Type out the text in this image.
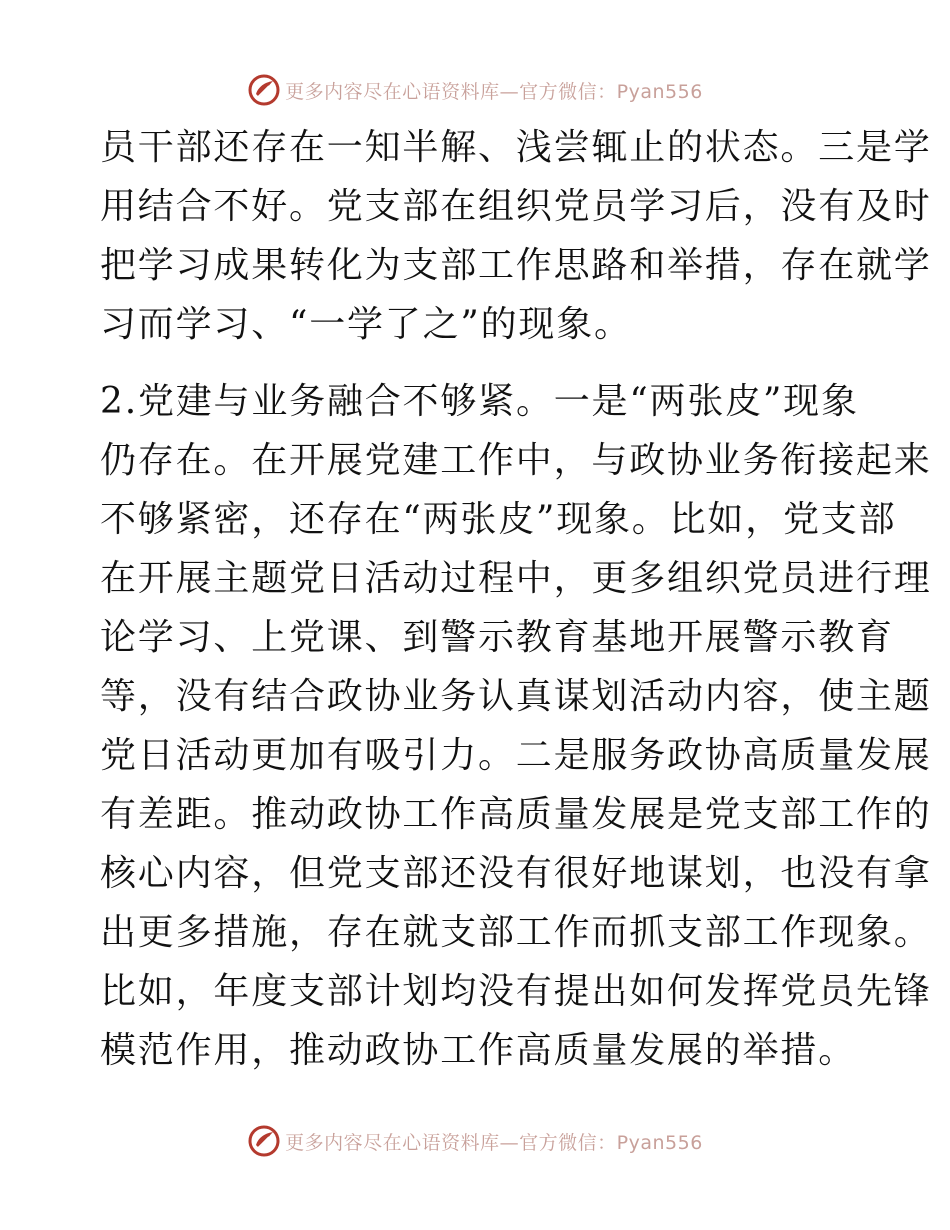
更多内容尽在心语资料库—官方微信：Pyan556
员干部还存在一知半解、浅尝辄止的状态。三是学
用结合不好。党支部在组织党员学习后，没有及时
把学习成果转化为支部工作思路和举措，存在就学
习而学习、“一学了之”的现象。
2.党建与业务融合不够紧。一是“两张皮”现象
仍存在。在开展党建工作中，与政协业务衔接起来
不够紧密，还存在“两张皮”现象。比如，党支部
在开展主题党日活动过程中，更多组织党员进行理
论学习、上党课、到警示教育基地开展警示教育
等，没有结合政协业务认真谋划活动内容，使主题
党日活动更加有吸引力。二是服务政协高质量发展
有差距。推动政协工作高质量发展是党支部工作的
核心内容，但党支部还没有很好地谋划，也没有拿
出更多措施，存在就支部工作而抓支部工作现象。
比如，年度支部计划均没有提出如何发挥党员先锋
模范作用，推动政协工作高质量发展的举措。
更多内容尽在心语资料库—官方微信：Pyan556
